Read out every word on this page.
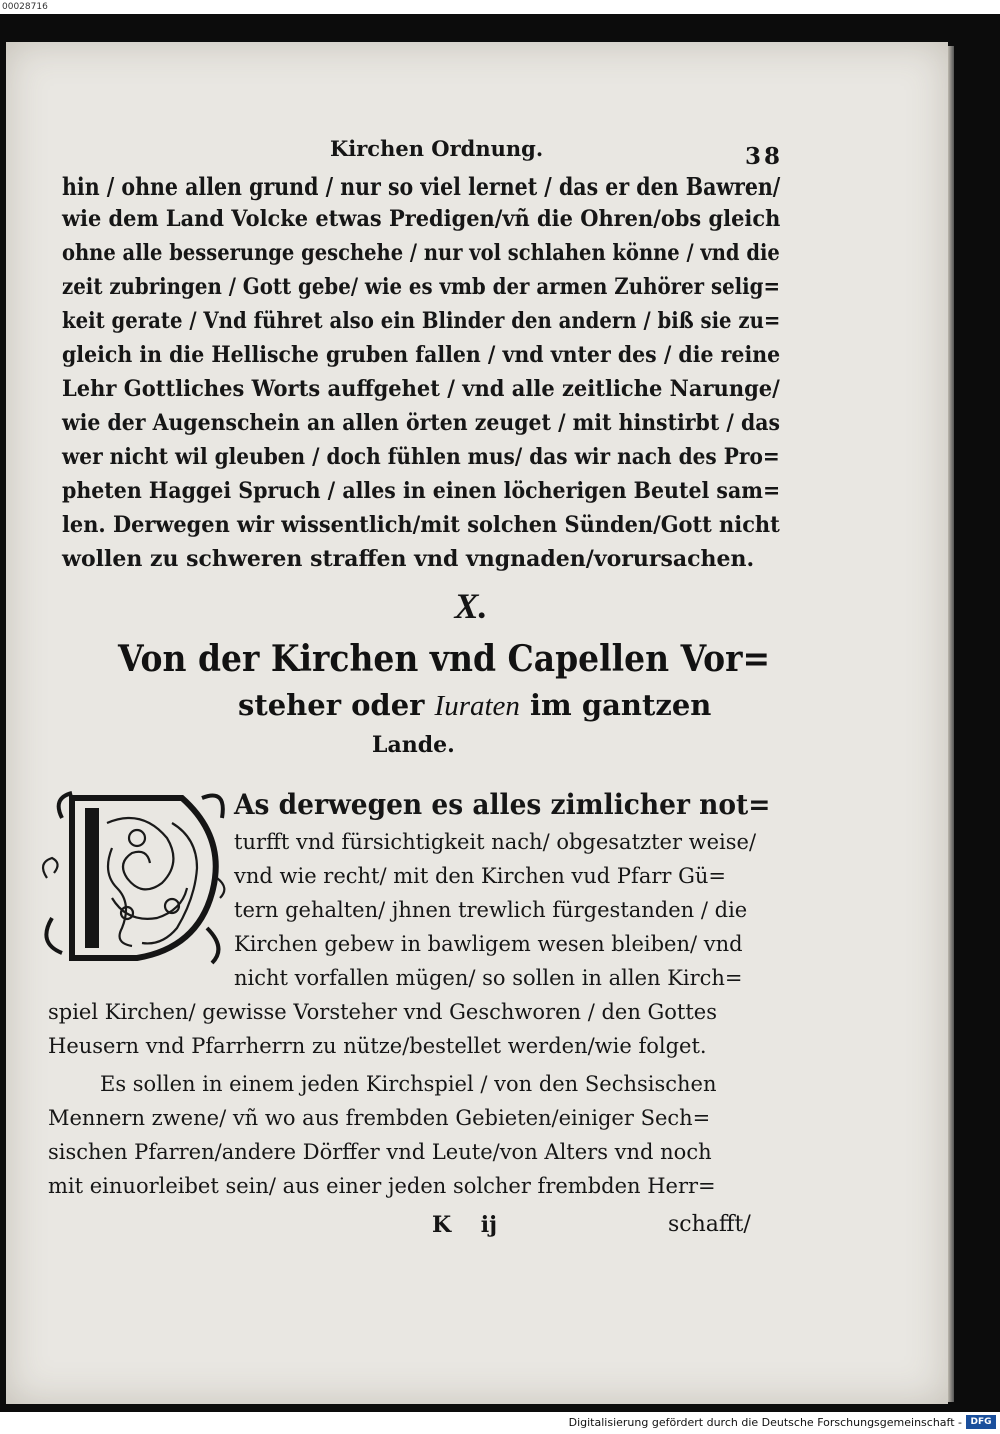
00028716
Kirchen Ordnung.	38
hin / ohne allen grund / nur so viel lernet / das er den Bawren/
wie dem Land Volcke etwas Predigen/vñ die Ohren/obs gleich
ohne alle besserunge geschehe / nur vol schlahen könne / vnd die
zeit zubringen / Gott gebe/ wie es vmb der armen Zuhörer selig=
keit gerate / Vnd führet also ein Blinder den andern / biß sie zu=
gleich in die Hellische gruben fallen / vnd vnter des / die reine
Lehr Gottliches Worts auffgehet / vnd alle zeitliche Narunge/
wie der Augenschein an allen örten zeuget / mit hinstirbt / das
wer nicht wil gleuben / doch fühlen mus/ das wir nach des Pro=
pheten Haggei Spruch / alles in einen löcherigen Beutel sam=
len. Derwegen wir wissentlich/mit solchen Sünden/Gott nicht
wollen zu schweren straffen vnd vngnaden/vorursachen.
X.
Von der Kirchen vnd Capellen Vor=
steher oder Iuraten im gantzen
Lande.
As derwegen es alles zimlicher not=
turfft vnd fürsichtigkeit nach/ obgesatzter weise/
vnd wie recht/ mit den Kirchen vud Pfarr Gü=
tern gehalten/ jhnen trewlich fürgestanden / die
Kirchen gebew in bawligem wesen bleiben/ vnd
nicht vorfallen mügen/ so sollen in allen Kirch=
spiel Kirchen/ gewisse Vorsteher vnd Geschworen / den Gottes
Heusern vnd Pfarrherrn zu nütze/bestellet werden/wie folget.
Es sollen in einem jeden Kirchspiel / von den Sechsischen
Mennern zwene/ vñ wo aus frembden Gebieten/einiger Sech=
sischen Pfarren/andere Dörffer vnd Leute/von Alters vnd noch
mit einuorleibet sein/ aus einer jeden solcher frembden Herr=
K ij	schafft/
Digitalisierung gefördert durch die Deutsche Forschungsgemeinschaft - DFG
